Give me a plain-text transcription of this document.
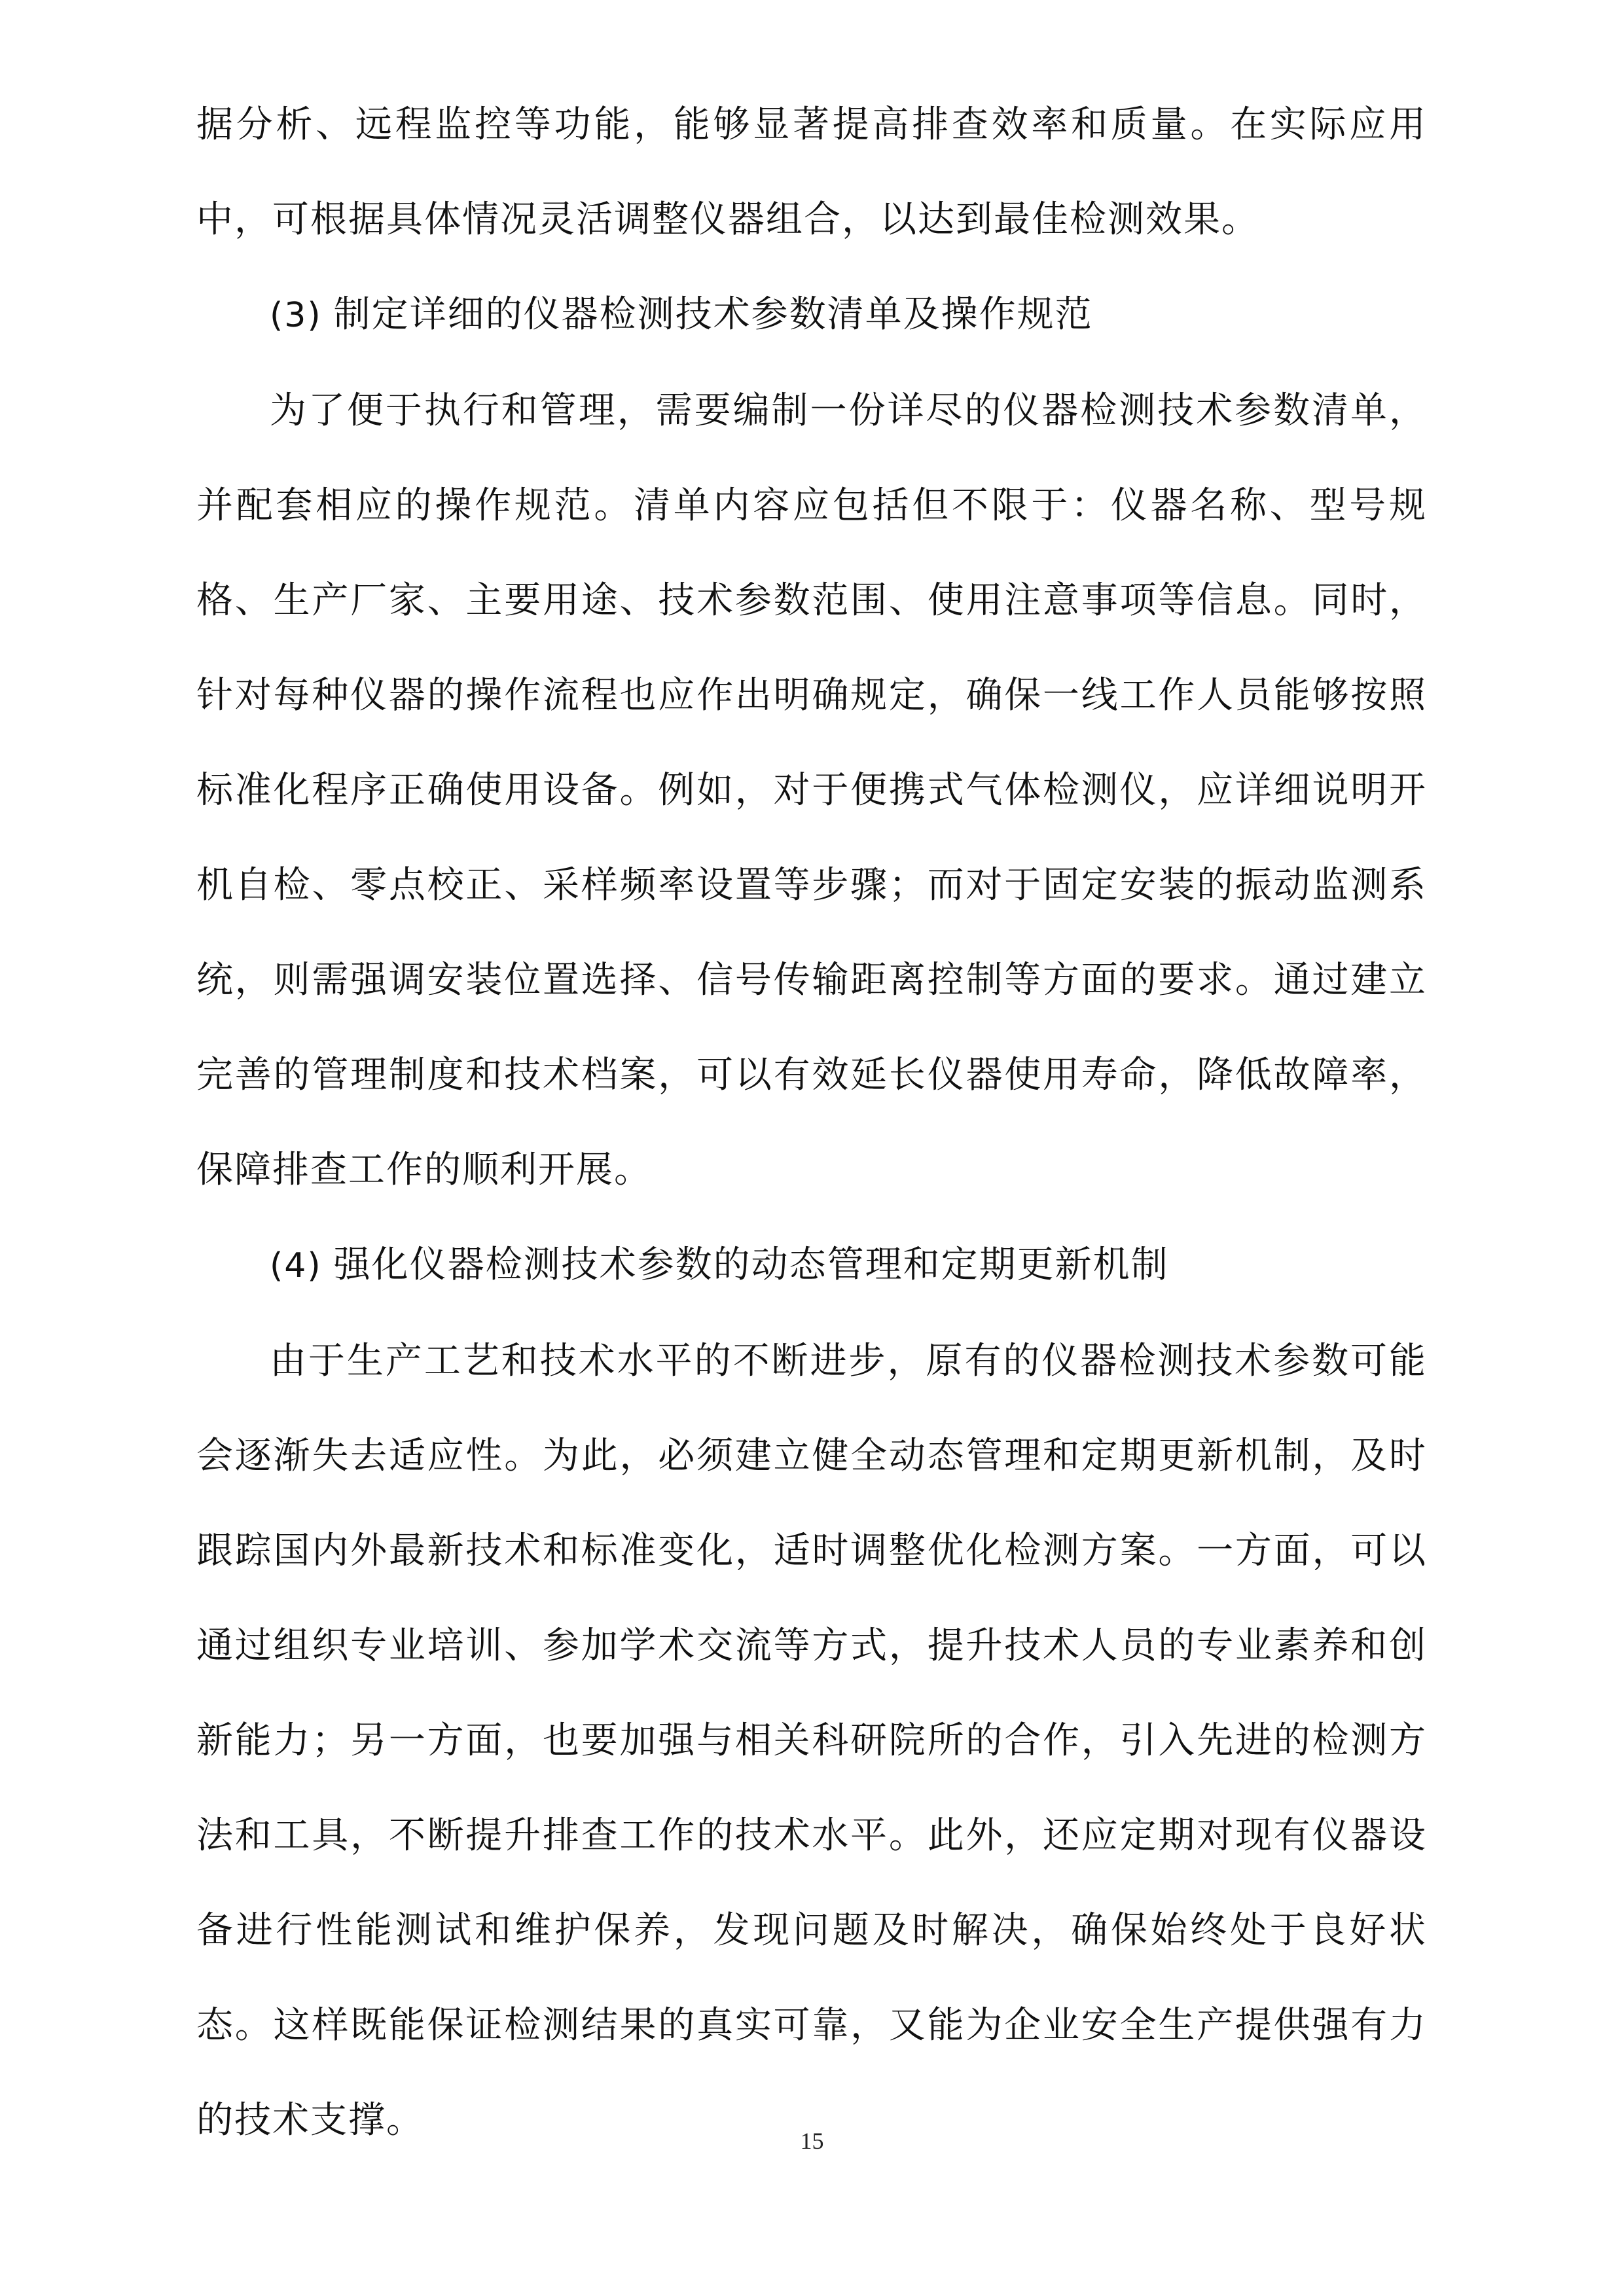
据分析、远程监控等功能，能够显著提高排查效率和质量。在实际应用中，可根据具体情况灵活调整仪器组合，以达到最佳检测效果。

(3) 制定详细的仪器检测技术参数清单及操作规范

为了便于执行和管理，需要编制一份详尽的仪器检测技术参数清单，并配套相应的操作规范。清单内容应包括但不限于：仪器名称、型号规格、生产厂家、主要用途、技术参数范围、使用注意事项等信息。同时，针对每种仪器的操作流程也应作出明确规定，确保一线工作人员能够按照标准化程序正确使用设备。例如，对于便携式气体检测仪，应详细说明开机自检、零点校正、采样频率设置等步骤；而对于固定安装的振动监测系统，则需强调安装位置选择、信号传输距离控制等方面的要求。通过建立完善的管理制度和技术档案，可以有效延长仪器使用寿命，降低故障率，保障排查工作的顺利开展。

(4) 强化仪器检测技术参数的动态管理和定期更新机制

由于生产工艺和技术水平的不断进步，原有的仪器检测技术参数可能会逐渐失去适应性。为此，必须建立健全动态管理和定期更新机制，及时跟踪国内外最新技术和标准变化，适时调整优化检测方案。一方面，可以通过组织专业培训、参加学术交流等方式，提升技术人员的专业素养和创新能力；另一方面，也要加强与相关科研院所的合作，引入先进的检测方法和工具，不断提升排查工作的技术水平。此外，还应定期对现有仪器设备进行性能测试和维护保养，发现问题及时解决，确保始终处于良好状态。这样既能保证检测结果的真实可靠，又能为企业安全生产提供强有力的技术支撑。	15
